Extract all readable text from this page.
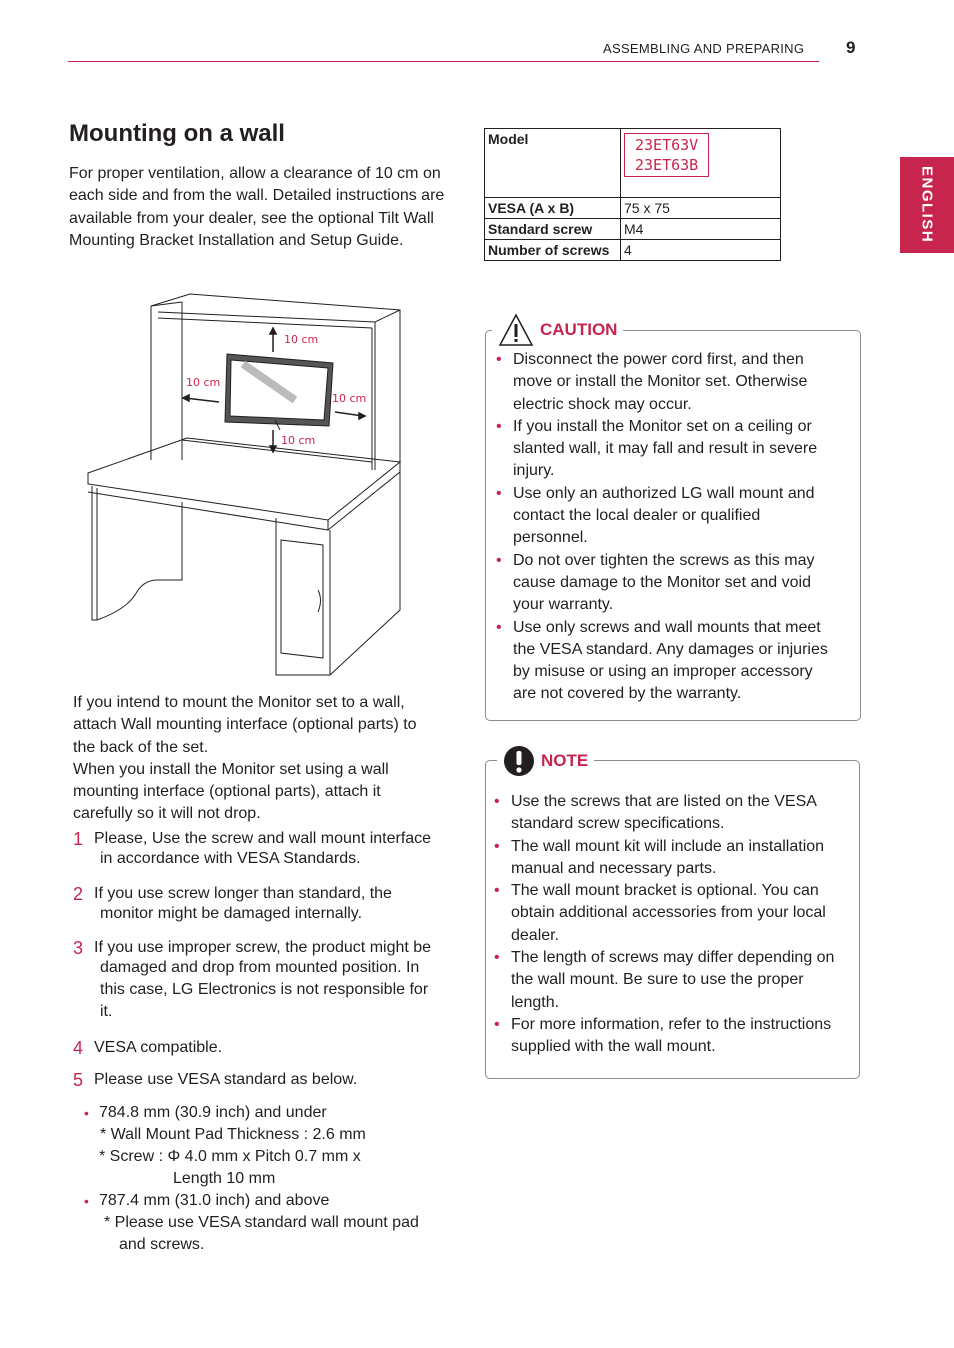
ASSEMBLING AND PREPARING 9
ENGLISH
Mounting on a wall
For proper ventilation, allow a clearance of 10 cm on each side and from the wall. Detailed instructions are available from your dealer, see the optional Tilt Wall Mounting Bracket Installation and Setup Guide.
10 cm
10 cm
10 cm
10 cm
If you intend to mount the Monitor set to a wall,
attach Wall mounting interface (optional parts) to
the back of the set.
When you install the Monitor set using a wall
mounting interface (optional parts), attach it
carefully so it will not drop.
1 Please, Use the screw and wall mount interface
in accordance with VESA Standards.
2 If you use screw longer than standard, the
monitor might be damaged internally.
3 If you use improper screw, the product might be
damaged and drop from mounted position. In
this case, LG Electronics is not responsible for
it.
4 VESA compatible.
5 Please use VESA standard as below.
• 784.8 mm (30.9 inch) and under
* Wall Mount Pad Thickness : 2.6 mm
* Screw : Φ 4.0 mm x Pitch 0.7 mm x
Length 10 mm
• 787.4 mm (31.0 inch) and above
* Please use VESA standard wall mount pad
and screws.
Model	23ET63V
23ET63B

VESA (A x B)	75 x 75
Standard screw	M4
Number of screws	4
CAUTION

• Disconnect the power cord first, and then move or install the Monitor set. Otherwise electric shock may occur.

• If you install the Monitor set on a ceiling or slanted wall, it may fall and result in severe injury.

• Use only an authorized LG wall mount and contact the local dealer or qualified personnel.

• Do not over tighten the screws as this may cause damage to the Monitor set and void your warranty.

• Use only screws and wall mounts that meet the VESA standard. Any damages or injuries by misuse or using an improper accessory are not covered by the warranty.

NOTE

• Use the screws that are listed on the VESA standard screw specifications.

• The wall mount kit will include an installation manual and necessary parts.

• The wall mount bracket is optional. You can obtain additional accessories from your local dealer.

• The length of screws may differ depending on the wall mount. Be sure to use the proper length.

• For more information, refer to the instructions supplied with the wall mount.
